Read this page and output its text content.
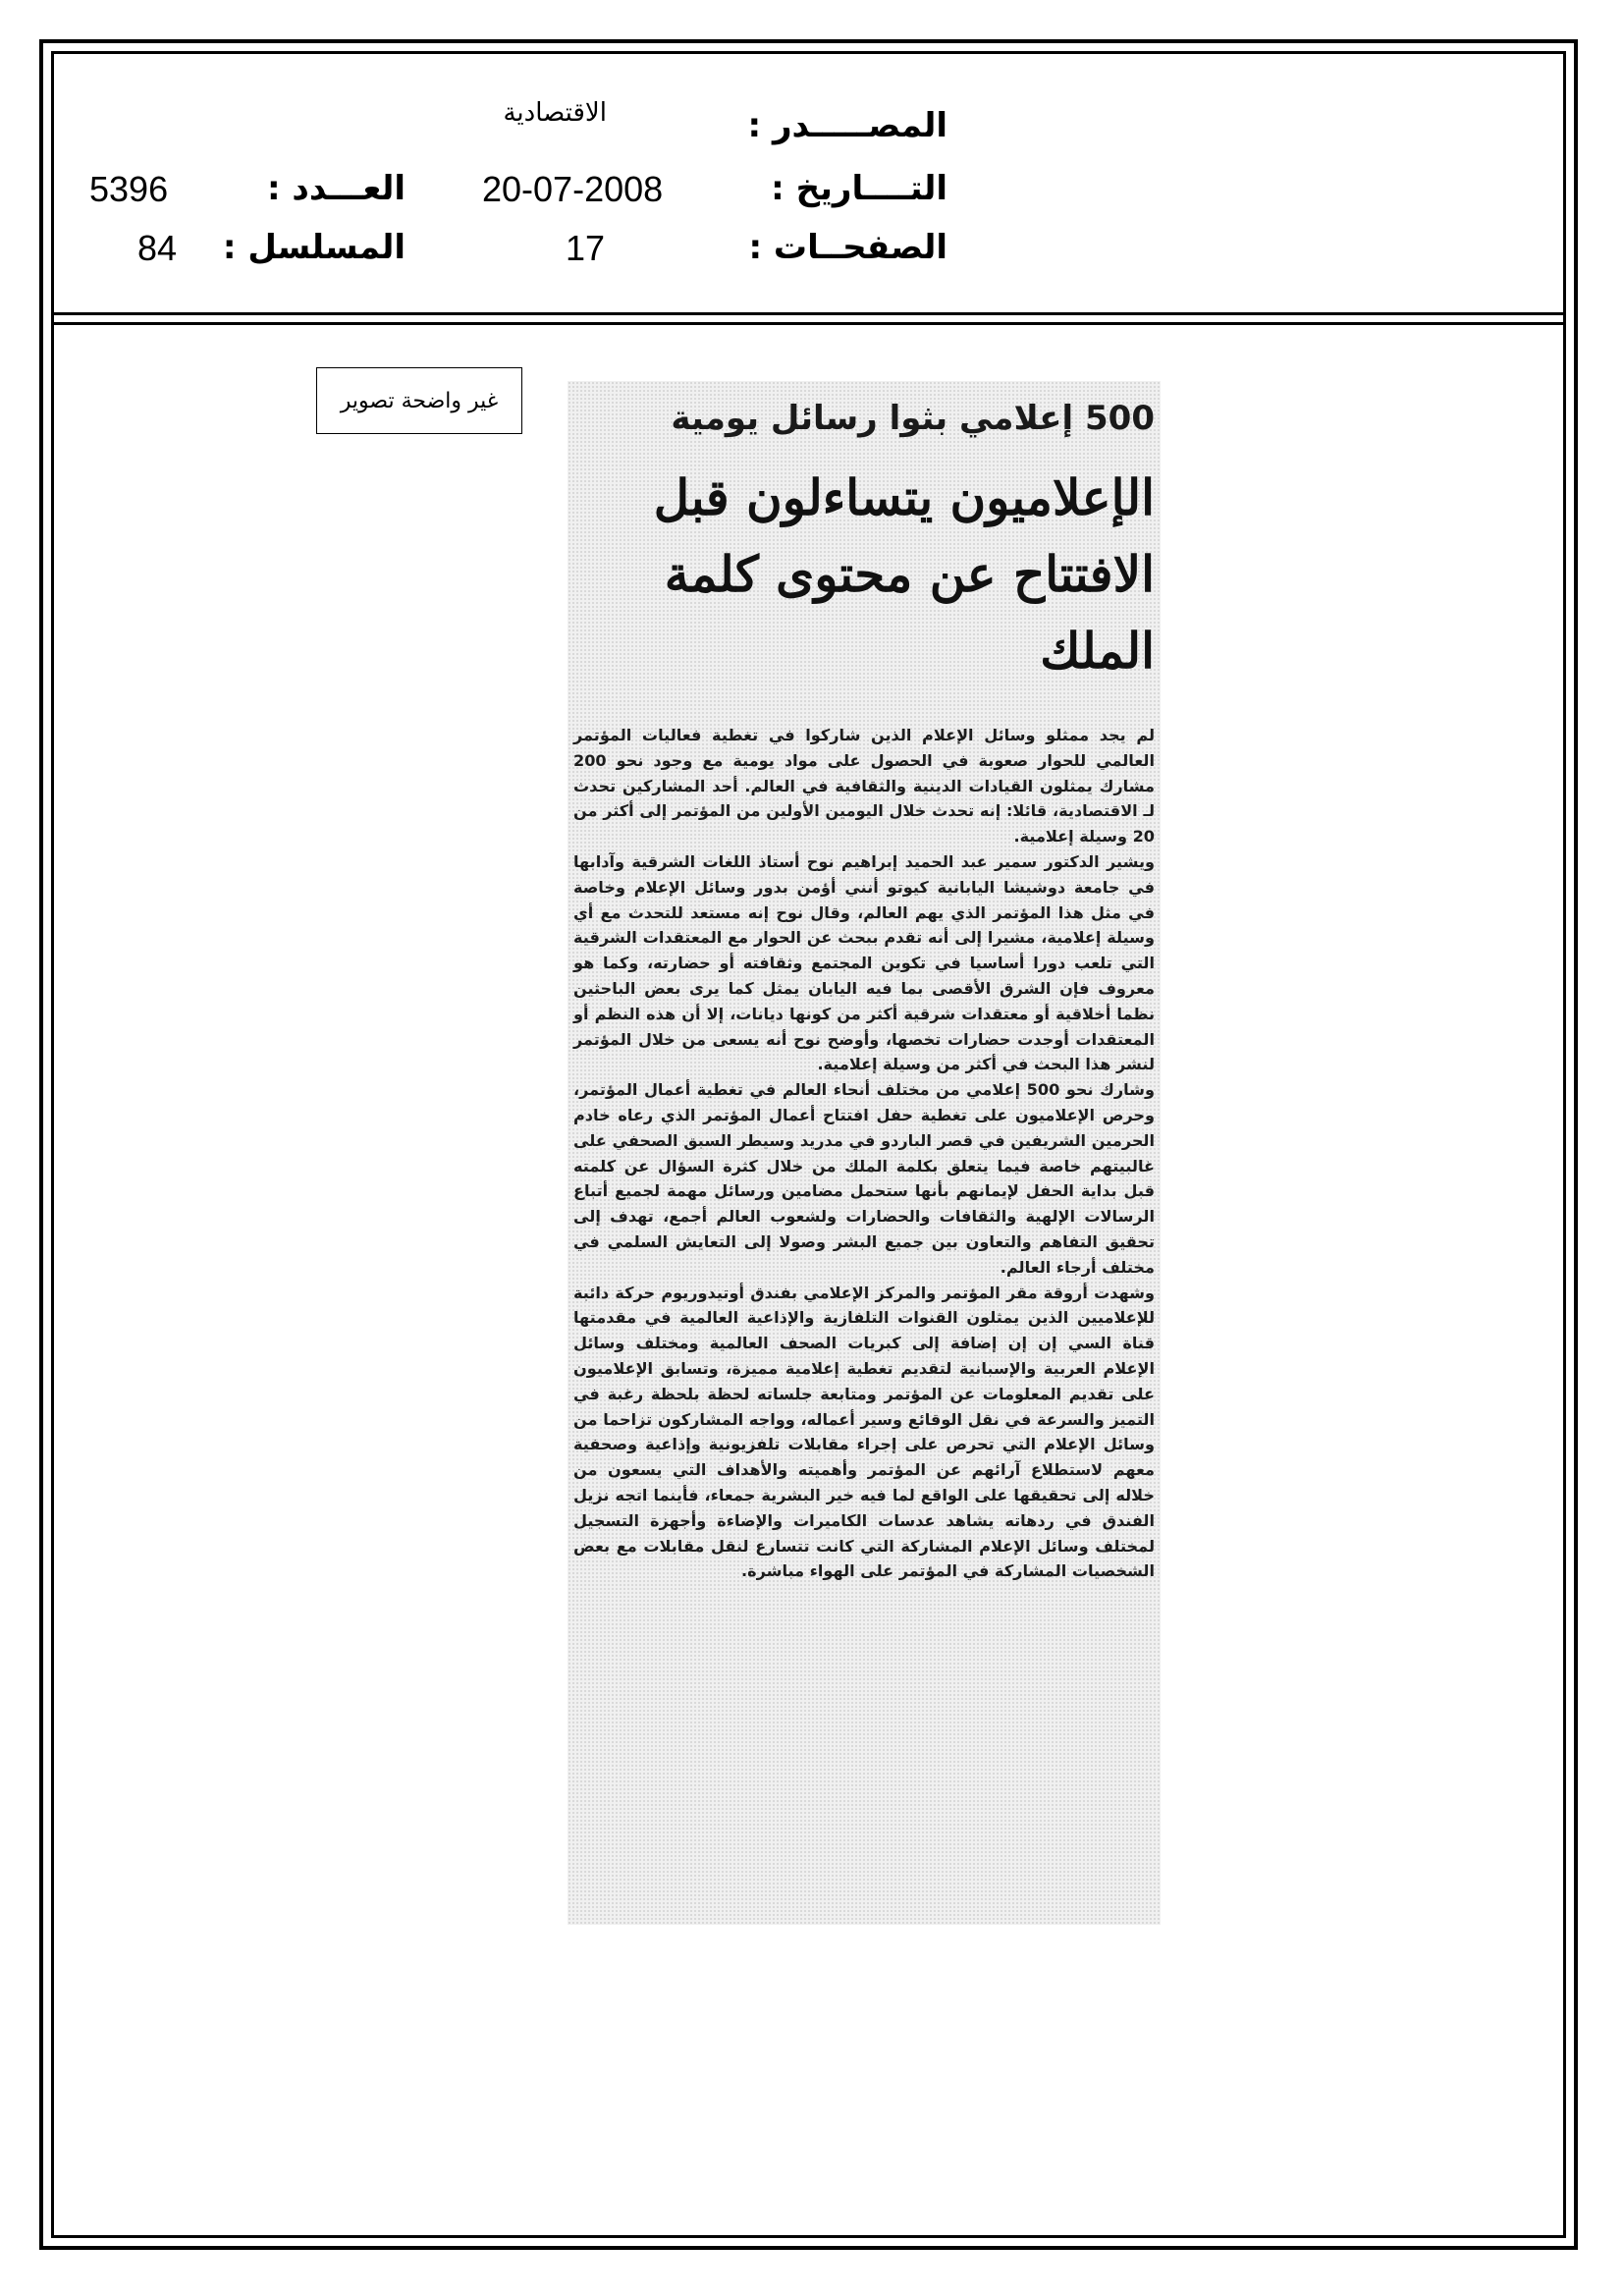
المصـــــدر :
الاقتصادية
التــــاريخ :
20-07-2008
الصفحــات :
17
العـــدد :
5396
المسلسل :
84
غير واضحة تصوير	500 إعلامي بثوا رسائل يومية
الإعلاميون يتساءلون قبل
الافتتاح عن محتوى كلمة الملك

لم يجد ممثلو وسائل الإعلام الذين شاركوا في تغطية فعاليات المؤتمر العالمي للحوار صعوبة في الحصول على مواد يومية مع وجود نحو 200 مشارك يمثلون القيادات الدينية والثقافية في العالم. أحد المشاركين تحدث لـ الاقتصادية، قائلا: إنه تحدث خلال اليومين الأولين من المؤتمر إلى أكثر من 20 وسيلة إعلامية.

ويشير الدكتور سمير عبد الحميد إبراهيم نوح أستاذ اللغات الشرقية وآدابها في جامعة دوشيشا اليابانية كيوتو أنني أؤمن بدور وسائل الإعلام وخاصة في مثل هذا المؤتمر الذي يهم العالم، وقال نوح إنه مستعد للتحدث مع أي وسيلة إعلامية، مشيرا إلى أنه تقدم ببحث عن الحوار مع المعتقدات الشرقية التي تلعب دورا أساسيا في تكوين المجتمع وثقافته أو حضارته، وكما هو معروف فإن الشرق الأقصى بما فيه اليابان يمثل كما يرى بعض الباحثين نظما أخلاقية أو معتقدات شرقية أكثر من كونها ديانات، إلا أن هذه النظم أو المعتقدات أوجدت حضارات تخصها، وأوضح نوح أنه يسعى من خلال المؤتمر لنشر هذا البحث في أكثر من وسيلة إعلامية.

وشارك نحو 500 إعلامي من مختلف أنحاء العالم في تغطية أعمال المؤتمر، وحرص الإعلاميون على تغطية حفل افتتاح أعمال المؤتمر الذي رعاه خادم الحرمين الشريفين في قصر الباردو في مدريد وسيطر السبق الصحفي على غالبيتهم خاصة فيما يتعلق بكلمة الملك من خلال كثرة السؤال عن كلمته قبل بداية الحفل لإيمانهم بأنها ستحمل مضامين ورسائل مهمة لجميع أتباع الرسالات الإلهية والثقافات والحضارات ولشعوب العالم أجمع، تهدف إلى تحقيق التفاهم والتعاون بين جميع البشر وصولا إلى التعايش السلمي في مختلف أرجاء العالم.

وشهدت أروقة مقر المؤتمر والمركز الإعلامي بفندق أوتيدوريوم حركة دائبة للإعلاميين الذين يمثلون القنوات التلفازية والإذاعية العالمية في مقدمتها قناة السي إن إن إضافة إلى كبريات الصحف العالمية ومختلف وسائل الإعلام العربية والإسبانية لتقديم تغطية إعلامية مميزة، وتسابق الإعلاميون على تقديم المعلومات عن المؤتمر ومتابعة جلساته لحظة بلحظة رغبة في التميز والسرعة في نقل الوقائع وسير أعماله، وواجه المشاركون تزاحما من وسائل الإعلام التي تحرص على إجراء مقابلات تلفزيونية وإذاعية وصحفية معهم لاستطلاع آرائهم عن المؤتمر وأهميته والأهداف التي يسعون من خلاله إلى تحقيقها على الواقع لما فيه خير البشرية جمعاء، فأينما اتجه نزيل الفندق في ردهاته يشاهد عدسات الكاميرات والإضاءة وأجهزة التسجيل لمختلف وسائل الإعلام المشاركة التي كانت تتسارع لنقل مقابلات مع بعض الشخصيات المشاركة في المؤتمر على الهواء مباشرة.
